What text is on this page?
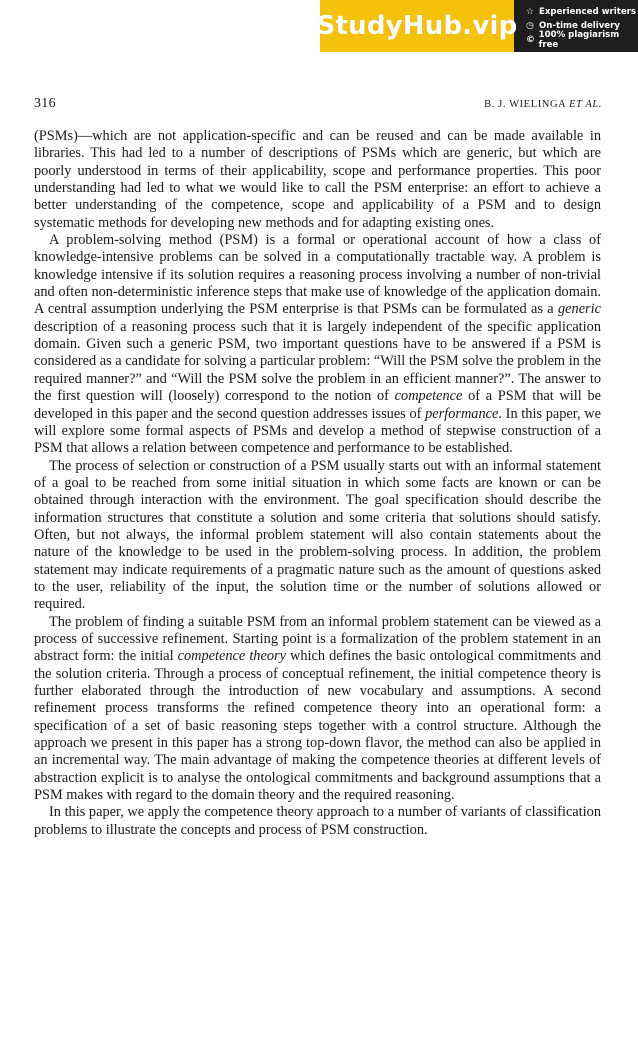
StudyHub.vip ☆ Experienced writers
◷ On-time delivery
© 100% plagiarism free
316	B. J. WIELINGA ET AL.

(PSMs)—which are not application-specific and can be reused and can be made available in libraries. This had led to a number of descriptions of PSMs which are generic, but which are poorly understood in terms of their applicability, scope and performance properties. This poor understanding had led to what we would like to call the PSM enterprise: an effort to achieve a better understanding of the competence, scope and applicability of a PSM and to design systematic methods for developing new methods and for adapting existing ones.

A problem-solving method (PSM) is a formal or operational account of how a class of knowledge-intensive problems can be solved in a computationally tractable way. A problem is knowledge intensive if its solution requires a reasoning process involving a number of non-trivial and often non-deterministic inference steps that make use of knowledge of the application domain. A central assumption underlying the PSM enterprise is that PSMs can be formulated as a generic description of a reasoning process such that it is largely independent of the specific application domain. Given such a generic PSM, two important questions have to be answered if a PSM is considered as a candidate for solving a particular problem: “Will the PSM solve the problem in the required manner?” and “Will the PSM solve the problem in an efficient manner?”. The answer to the first question will (loosely) correspond to the notion of competence of a PSM that will be developed in this paper and the second question addresses issues of performance. In this paper, we will explore some formal aspects of PSMs and develop a method of stepwise construction of a PSM that allows a relation between competence and performance to be established.

The process of selection or construction of a PSM usually starts out with an informal statement of a goal to be reached from some initial situation in which some facts are known or can be obtained through interaction with the environment. The goal specification should describe the information structures that constitute a solution and some criteria that solutions should satisfy. Often, but not always, the informal problem statement will also contain statements about the nature of the knowledge to be used in the problem-solving process. In addition, the problem statement may indicate requirements of a pragmatic nature such as the amount of questions asked to the user, reliability of the input, the solution time or the number of solutions allowed or required.

The problem of finding a suitable PSM from an informal problem statement can be viewed as a process of successive refinement. Starting point is a formalization of the problem statement in an abstract form: the initial competence theory which defines the basic ontological commitments and the solution criteria. Through a process of conceptual refinement, the initial competence theory is further elaborated through the introduction of new vocabulary and assumptions. A second refinement process transforms the refined competence theory into an operational form: a specification of a set of basic reasoning steps together with a control structure. Although the approach we present in this paper has a strong top-down flavor, the method can also be applied in an incremental way. The main advantage of making the competence theories at different levels of abstraction explicit is to analyse the ontological commitments and background assumptions that a PSM makes with regard to the domain theory and the required reasoning.

In this paper, we apply the competence theory approach to a number of variants of classification problems to illustrate the concepts and process of PSM construction.
